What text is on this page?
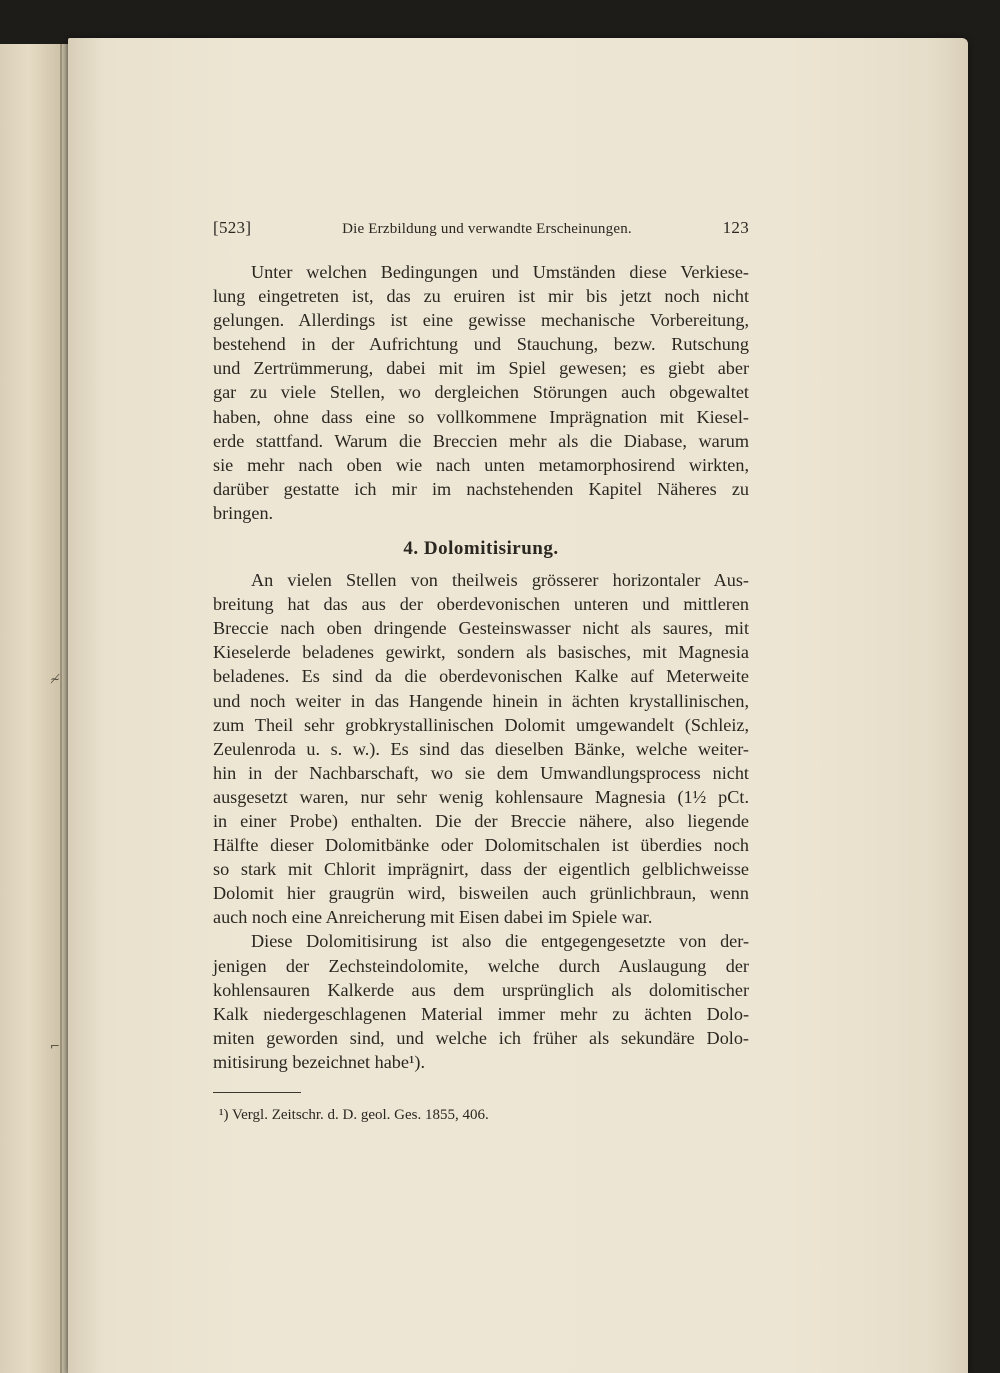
≁
⌐
[523]	Die Erzbildung und verwandte Erscheinungen.	123
Unter welchen Bedingungen und Umständen diese Verkiese-
lung eingetreten ist, das zu eruiren ist mir bis jetzt noch nicht
gelungen. Allerdings ist eine gewisse mechanische Vorbereitung,
bestehend in der Aufrichtung und Stauchung, bezw. Rutschung
und Zertrümmerung, dabei mit im Spiel gewesen; es giebt aber
gar zu viele Stellen, wo dergleichen Störungen auch obgewaltet
haben, ohne dass eine so vollkommene Imprägnation mit Kiesel-
erde stattfand. Warum die Breccien mehr als die Diabase, warum
sie mehr nach oben wie nach unten metamorphosirend wirkten,
darüber gestatte ich mir im nachstehenden Kapitel Näheres zu
bringen.
4. Dolomitisirung.
An vielen Stellen von theilweis grösserer horizontaler Aus-
breitung hat das aus der oberdevonischen unteren und mittleren
Breccie nach oben dringende Gesteinswasser nicht als saures, mit
Kieselerde beladenes gewirkt, sondern als basisches, mit Magnesia
beladenes. Es sind da die oberdevonischen Kalke auf Meterweite
und noch weiter in das Hangende hinein in ächten krystallinischen,
zum Theil sehr grobkrystallinischen Dolomit umgewandelt (Schleiz,
Zeulenroda u. s. w.). Es sind das dieselben Bänke, welche weiter-
hin in der Nachbarschaft, wo sie dem Umwandlungsprocess nicht
ausgesetzt waren, nur sehr wenig kohlensaure Magnesia (1½ pCt.
in einer Probe) enthalten. Die der Breccie nähere, also liegende
Hälfte dieser Dolomitbänke oder Dolomitschalen ist überdies noch
so stark mit Chlorit imprägnirt, dass der eigentlich gelblichweisse
Dolomit hier graugrün wird, bisweilen auch grünlichbraun, wenn
auch noch eine Anreicherung mit Eisen dabei im Spiele war.
Diese Dolomitisirung ist also die entgegengesetzte von der-
jenigen der Zechsteindolomite, welche durch Auslaugung der
kohlensauren Kalkerde aus dem ursprünglich als dolomitischer
Kalk niedergeschlagenen Material immer mehr zu ächten Dolo-
miten geworden sind, und welche ich früher als sekundäre Dolo-
mitisirung bezeichnet habe¹).
¹) Vergl. Zeitschr. d. D. geol. Ges. 1855, 406.
